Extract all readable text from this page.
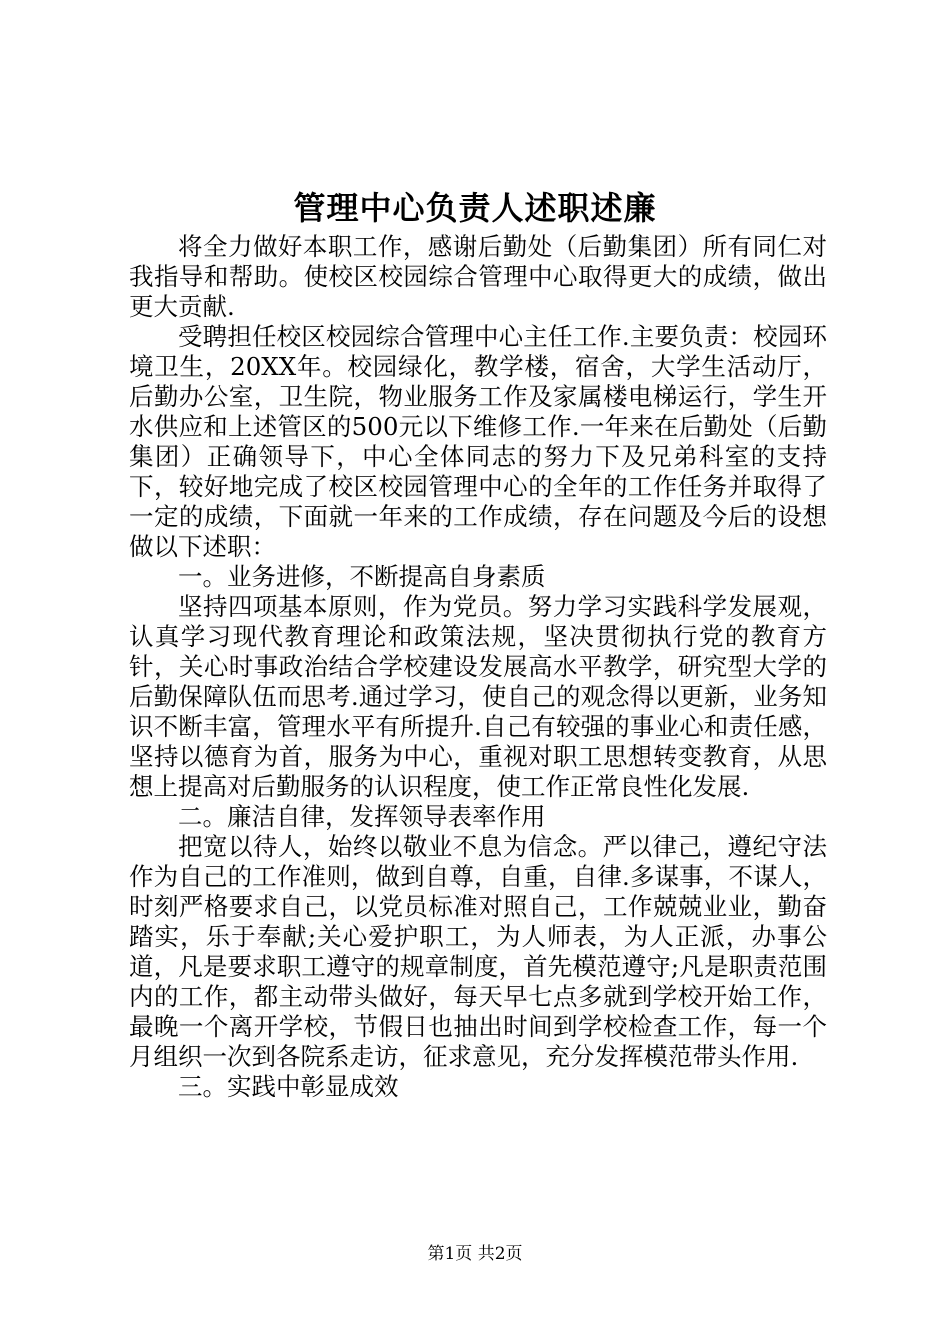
管理中心负责人述职述廉

将全力做好本职工作，感谢后勤处（后勤集团）所有同仁对我指导和帮助。使校区校园综合管理中心取得更大的成绩，做出更大贡献.

受聘担任校区校园综合管理中心主任工作.主要负责：校园环境卫生，20XX年。校园绿化，教学楼，宿舍，大学生活动厅，后勤办公室，卫生院，物业服务工作及家属楼电梯运行，学生开水供应和上述管区的500元以下维修工作.一年来在后勤处（后勤集团）正确领导下，中心全体同志的努力下及兄弟科室的支持下，较好地完成了校区校园管理中心的全年的工作任务并取得了一定的成绩，下面就一年来的工作成绩，存在问题及今后的设想做以下述职：

一。业务进修，不断提高自身素质

坚持四项基本原则，作为党员。努力学习实践科学发展观，认真学习现代教育理论和政策法规，坚决贯彻执行党的教育方针，关心时事政治结合学校建设发展高水平教学，研究型大学的后勤保障队伍而思考.通过学习，使自己的观念得以更新，业务知识不断丰富，管理水平有所提升.自己有较强的事业心和责任感，坚持以德育为首，服务为中心，重视对职工思想转变教育，从思想上提高对后勤服务的认识程度，使工作正常良性化发展.

二。廉洁自律，发挥领导表率作用

把宽以待人，始终以敬业不息为信念。严以律己，遵纪守法作为自己的工作准则，做到自尊，自重，自律.多谋事，不谋人，时刻严格要求自己，以党员标准对照自己，工作兢兢业业，勤奋踏实，乐于奉献;关心爱护职工，为人师表，为人正派，办事公道，凡是要求职工遵守的规章制度，首先模范遵守;凡是职责范围内的工作，都主动带头做好，每天早七点多就到学校开始工作，最晚一个离开学校，节假日也抽出时间到学校检查工作，每一个月组织一次到各院系走访，征求意见，充分发挥模范带头作用.

三。实践中彰显成效

第1页 共2页
